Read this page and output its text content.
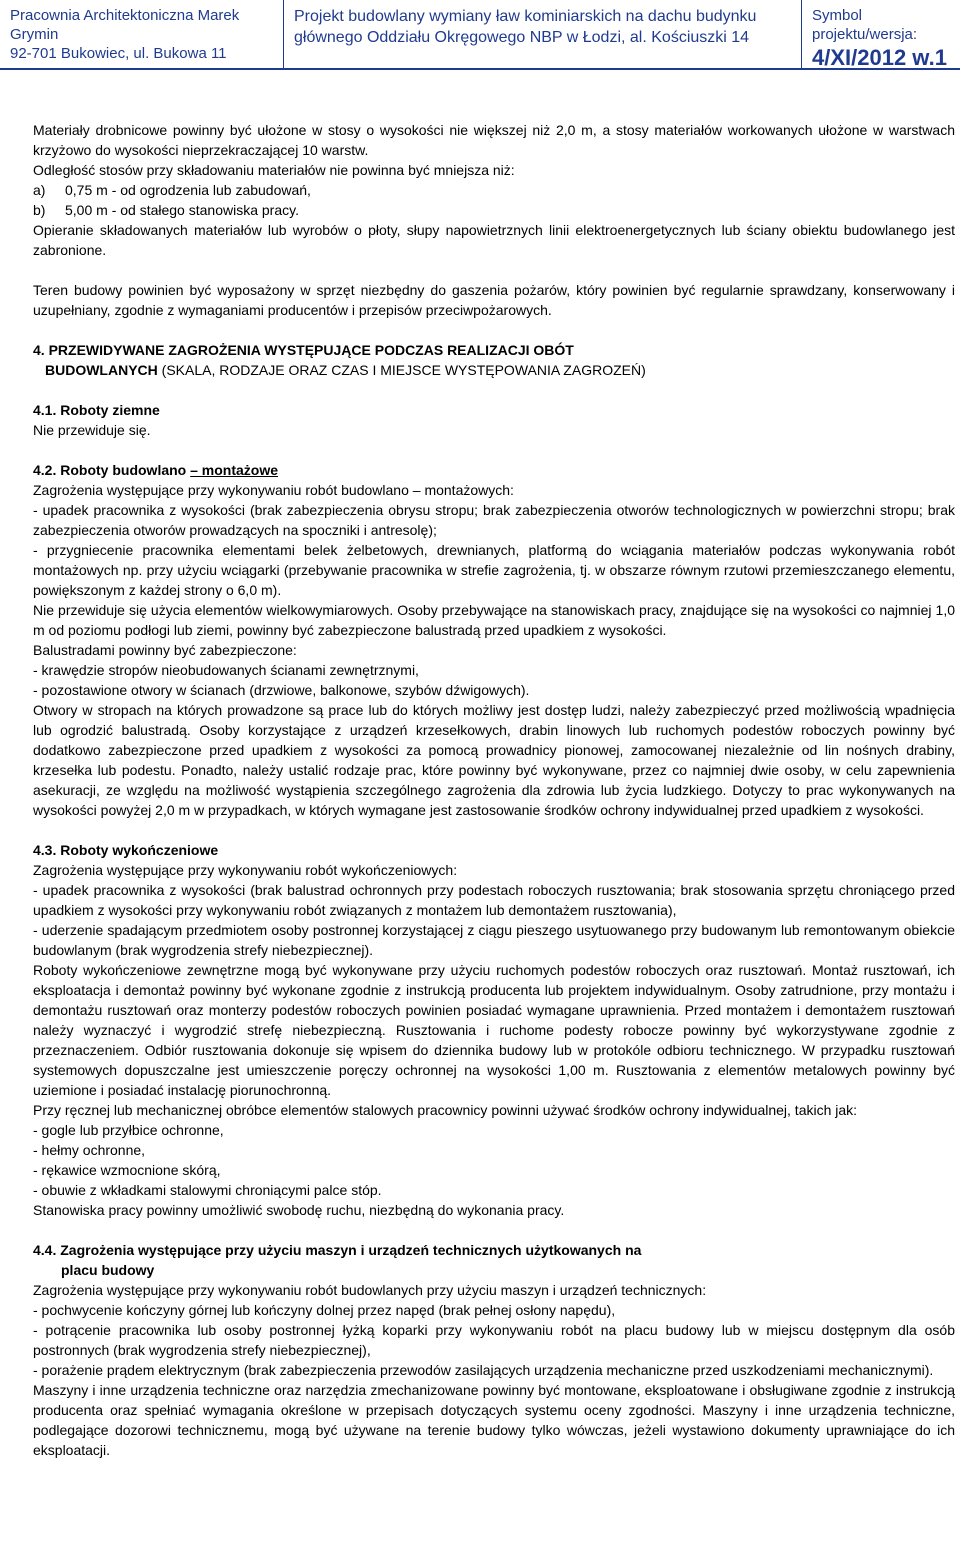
Pracownia Architektoniczna Marek Grymin
92-701 Bukowiec, ul. Bukowa 11
Projekt budowlany wymiany ław kominiarskich na dachu budynku
głównego Oddziału Okręgowego NBP w Łodzi, al. Kościuszki 14
Symbol projektu/wersja:
4/XI/2012 w.1

Materiały drobnicowe powinny być ułożone w stosy o wysokości nie większej niż 2,0 m, a stosy materiałów workowanych ułożone w warstwach krzyżowo do wysokości nieprzekraczającej 10 warstw.

Odległość stosów przy składowaniu materiałów nie powinna być mniejsza niż:

a) 0,75 m - od ogrodzenia lub zabudowań,
b) 5,00 m - od stałego stanowiska pracy.

Opieranie składowanych materiałów lub wyrobów o płoty, słupy napowietrznych linii elektroenergetycznych lub ściany obiektu budowlanego jest zabronione.

Teren budowy powinien być wyposażony w sprzęt niezbędny do gaszenia pożarów, który powinien być regularnie sprawdzany, konserwowany i uzupełniany, zgodnie z wymaganiami producentów i przepisów przeciwpożarowych.

4. PRZEWIDYWANE ZAGROŻENIA WYSTĘPUJĄCE PODCZAS REALIZACJI OBÓT
BUDOWLANYCH (SKALA, RODZAJE ORAZ CZAS I MIEJSCE WYSTĘPOWANIA ZAGROZEŃ)
4.1. Roboty ziemne

Nie przewiduje się.

4.2. Roboty budowlano – montażowe

Zagrożenia występujące przy wykonywaniu robót budowlano – montażowych:

- upadek pracownika z wysokości (brak zabezpieczenia obrysu stropu; brak zabezpieczenia otworów technologicznych w powierzchni stropu; brak zabezpieczenia otworów prowadzących na spoczniki i antresolę);

- przygniecenie pracownika elementami belek żelbetowych, drewnianych, platformą do wciągania materiałów podczas wykonywania robót montażowych np. przy użyciu wciągarki (przebywanie pracownika w strefie zagrożenia, tj. w obszarze równym rzutowi przemieszczanego elementu, powiększonym z każdej strony o 6,0 m).

Nie przewiduje się użycia elementów wielkowymiarowych. Osoby przebywające na stanowiskach pracy, znajdujące się na wysokości co najmniej 1,0 m od poziomu podłogi lub ziemi, powinny być zabezpieczone balustradą przed upadkiem z wysokości.

Balustradami powinny być zabezpieczone:

- krawędzie stropów nieobudowanych ścianami zewnętrznymi,

- pozostawione otwory w ścianach (drzwiowe, balkonowe, szybów dźwigowych).

Otwory w stropach na których prowadzone są prace lub do których możliwy jest dostęp ludzi, należy zabezpieczyć przed możliwością wpadnięcia lub ogrodzić balustradą. Osoby korzystające z urządzeń krzesełkowych, drabin linowych lub ruchomych podestów roboczych powinny być dodatkowo zabezpieczone przed upadkiem z wysokości za pomocą prowadnicy pionowej, zamocowanej niezależnie od lin nośnych drabiny, krzesełka lub podestu. Ponadto, należy ustalić rodzaje prac, które powinny być wykonywane, przez co najmniej dwie osoby, w celu zapewnienia asekuracji, ze względu na możliwość wystąpienia szczególnego zagrożenia dla zdrowia lub życia ludzkiego. Dotyczy to prac wykonywanych na wysokości powyżej 2,0 m w przypadkach, w których wymagane jest zastosowanie środków ochrony indywidualnej przed upadkiem z wysokości.

4.3. Roboty wykończeniowe

Zagrożenia występujące przy wykonywaniu robót wykończeniowych:

- upadek pracownika z wysokości (brak balustrad ochronnych przy podestach roboczych rusztowania; brak stosowania sprzętu chroniącego przed upadkiem z wysokości przy wykonywaniu robót związanych z montażem lub demontażem rusztowania),

- uderzenie spadającym przedmiotem osoby postronnej korzystającej z ciągu pieszego usytuowanego przy budowanym lub remontowanym obiekcie budowlanym (brak wygrodzenia strefy niebezpiecznej).

Roboty wykończeniowe zewnętrzne mogą być wykonywane przy użyciu ruchomych podestów roboczych oraz rusztowań. Montaż rusztowań, ich eksploatacja i demontaż powinny być wykonane zgodnie z instrukcją producenta lub projektem indywidualnym. Osoby zatrudnione, przy montażu i demontażu rusztowań oraz monterzy podestów roboczych powinien posiadać wymagane uprawnienia. Przed montażem i demontażem rusztowań należy wyznaczyć i wygrodzić strefę niebezpieczną. Rusztowania i ruchome podesty robocze powinny być wykorzystywane zgodnie z przeznaczeniem. Odbiór rusztowania dokonuje się wpisem do dziennika budowy lub w protokóle odbioru technicznego. W przypadku rusztowań systemowych dopuszczalne jest umieszczenie poręczy ochronnej na wysokości 1,00 m. Rusztowania z elementów metalowych powinny być uziemione i posiadać instalację piorunochronną.

Przy ręcznej lub mechanicznej obróbce elementów stalowych pracownicy powinni używać środków ochrony indywidualnej, takich jak:

- gogle lub przyłbice ochronne,

- hełmy ochronne,

- rękawice wzmocnione skórą,

- obuwie z wkładkami stalowymi chroniącymi palce stóp.

Stanowiska pracy powinny umożliwić swobodę ruchu, niezbędną do wykonania pracy.

4.4. Zagrożenia występujące przy użyciu maszyn i urządzeń technicznych użytkowanych na
placu budowy

Zagrożenia występujące przy wykonywaniu robót budowlanych przy użyciu maszyn i urządzeń technicznych:

- pochwycenie kończyny górnej lub kończyny dolnej przez napęd (brak pełnej osłony napędu),

- potrącenie pracownika lub osoby postronnej łyżką koparki przy wykonywaniu robót na placu budowy lub w miejscu dostępnym dla osób postronnych (brak wygrodzenia strefy niebezpiecznej),

- porażenie prądem elektrycznym (brak zabezpieczenia przewodów zasilających urządzenia mechaniczne przed uszkodzeniami mechanicznymi).

Maszyny i inne urządzenia techniczne oraz narzędzia zmechanizowane powinny być montowane, eksploatowane i obsługiwane zgodnie z instrukcją producenta oraz spełniać wymagania określone w przepisach dotyczących systemu oceny zgodności. Maszyny i inne urządzenia techniczne, podlegające dozorowi technicznemu, mogą być używane na terenie budowy tylko wówczas, jeżeli wystawiono dokumenty uprawniające do ich eksploatacji.
